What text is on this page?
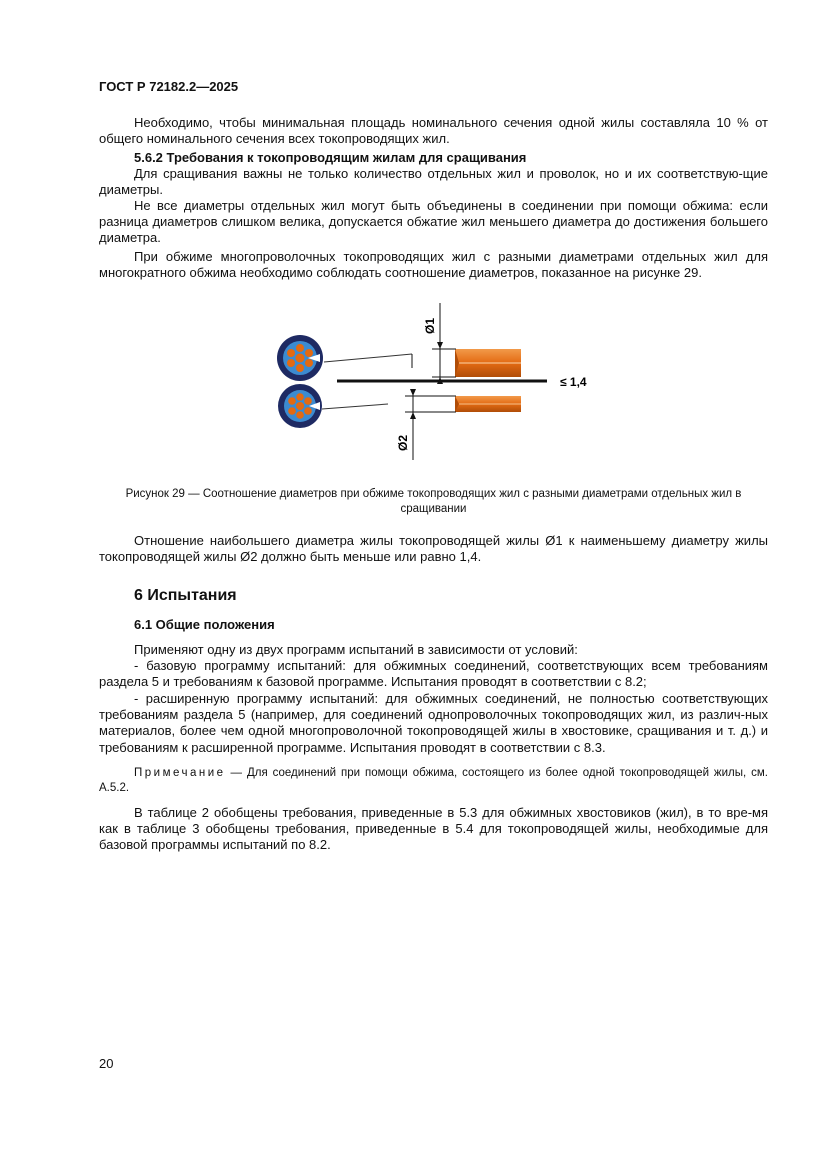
ГОСТ Р 72182.2—2025

Необходимо, чтобы минимальная площадь номинального сечения одной жилы составляла 10 % от общего номинального сечения всех токопроводящих жил.

5.6.2 Требования к токопроводящим жилам для сращивания

Для сращивания важны не только количество отдельных жил и проволок, но и их соответствую-щие диаметры.

Не все диаметры отдельных жил могут быть объединены в соединении при помощи обжима: если разница диаметров слишком велика, допускается обжатие жил меньшего диаметра до достижения большего диаметра.

При обжиме многопроволочных токопроводящих жил с разными диаметрами отдельных жил для многократного обжима необходимо соблюдать соотношение диаметров, показанное на рисунке 29.

Ø1
Ø2
≤ 1,4

Рисунок 29 — Соотношение диаметров при обжиме токопроводящих жил с разными диаметрами отдельных жил в сращивании

Отношение наибольшего диаметра жилы токопроводящей жилы Ø1 к наименьшему диаметру жилы токопроводящей жилы Ø2 должно быть меньше или равно 1,4.

6 Испытания
6.1 Общие положения

Применяют одну из двух программ испытаний в зависимости от условий:

- базовую программу испытаний: для обжимных соединений, соответствующих всем требованиям раздела 5 и требованиям к базовой программе. Испытания проводят в соответствии с 8.2;

- расширенную программу испытаний: для обжимных соединений, не полностью соответствующих требованиям раздела 5 (например, для соединений однопроволочных токопроводящих жил, из различ-ных материалов, более чем одной многопроволочной токопроводящей жилы в хвостовике, сращивания и т. д.) и требованиям к расширенной программе. Испытания проводят в соответствии с 8.3.

Примечание — Для соединений при помощи обжима, состоящего из более одной токопроводящей жилы, см. А.5.2.

В таблице 2 обобщены требования, приведенные в 5.3 для обжимных хвостовиков (жил), в то вре-мя как в таблице 3 обобщены требования, приведенные в 5.4 для токопроводящей жилы, необходимые для базовой программы испытаний по 8.2.

20
